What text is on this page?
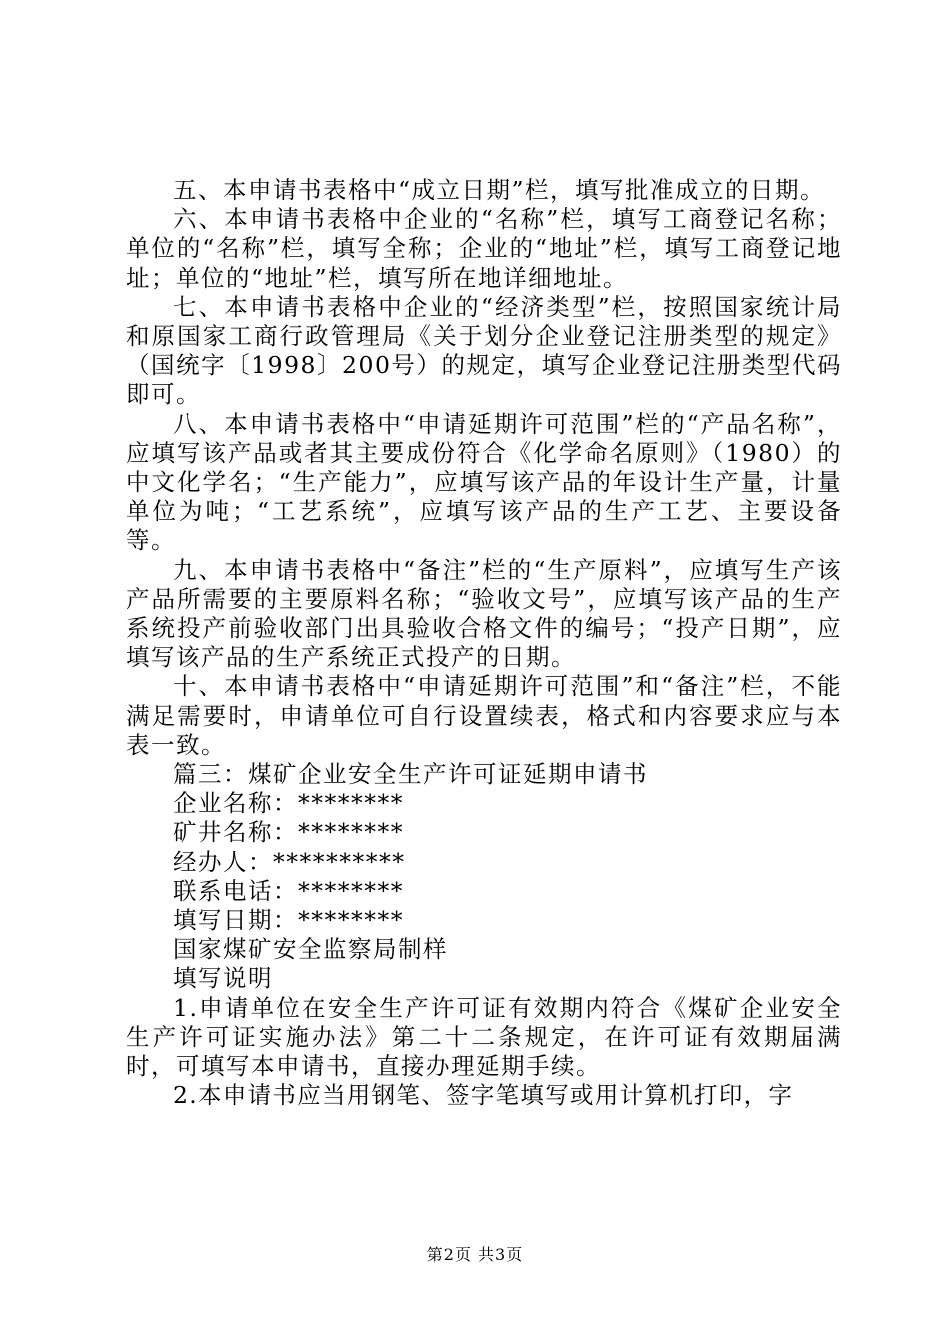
五、本申请书表格中“成立日期”栏，填写批准成立的日期。

六、本申请书表格中企业的“名称”栏，填写工商登记名称；单位的“名称”栏，填写全称；企业的“地址”栏，填写工商登记地址；单位的“地址”栏，填写所在地详细地址。

七、本申请书表格中企业的“经济类型”栏，按照国家统计局和原国家工商行政管理局《关于划分企业登记注册类型的规定》（国统字〔1998〕200号）的规定，填写企业登记注册类型代码即可。

八、本申请书表格中“申请延期许可范围”栏的“产品名称”，应填写该产品或者其主要成份符合《化学命名原则》（1980）的中文化学名；“生产能力”，应填写该产品的年设计生产量，计量单位为吨；“工艺系统”，应填写该产品的生产工艺、主要设备等。

九、本申请书表格中“备注”栏的“生产原料”，应填写生产该产品所需要的主要原料名称；“验收文号”，应填写该产品的生产系统投产前验收部门出具验收合格文件的编号；“投产日期”，应填写该产品的生产系统正式投产的日期。

十、本申请书表格中“申请延期许可范围”和“备注”栏，不能满足需要时，申请单位可自行设置续表，格式和内容要求应与本表一致。

篇三：煤矿企业安全生产许可证延期申请书

企业名称：********

矿井名称：********

经办人：**********

联系电话：********

填写日期：********

国家煤矿安全监察局制样

填写说明

1.申请单位在安全生产许可证有效期内符合《煤矿企业安全生产许可证实施办法》第二十二条规定，在许可证有效期届满时，可填写本申请书，直接办理延期手续。

2.本申请书应当用钢笔、签字笔填写或用计算机打印，字

第2页 共3页
